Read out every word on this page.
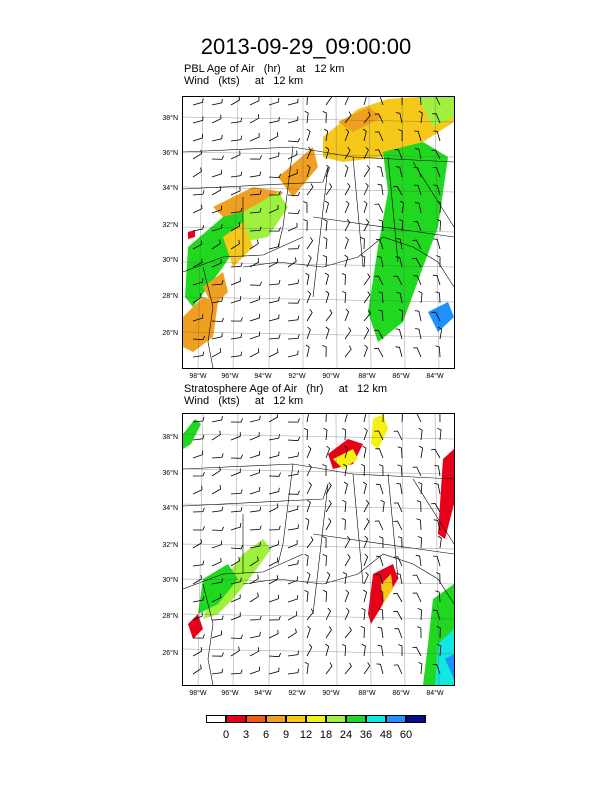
2013-09-29_09:00:00
PBL Age of Air   (hr)     at   12 km
Wind   (kts)     at   12 km
38°N
36°N
34°N
32°N
30°N
28°N
26°N
98°W	96°W	94°W	92°W	90°W	88°W	86°W	84°W
Stratosphere Age of Air   (hr)     at   12 km
Wind   (kts)     at   12 km
38°N
36°N
34°N
32°N
30°N
28°N
26°N
98°W	96°W	94°W	92°W	90°W	88°W	86°W	84°W
0	3	6	9 12 18 24 36 48 60
